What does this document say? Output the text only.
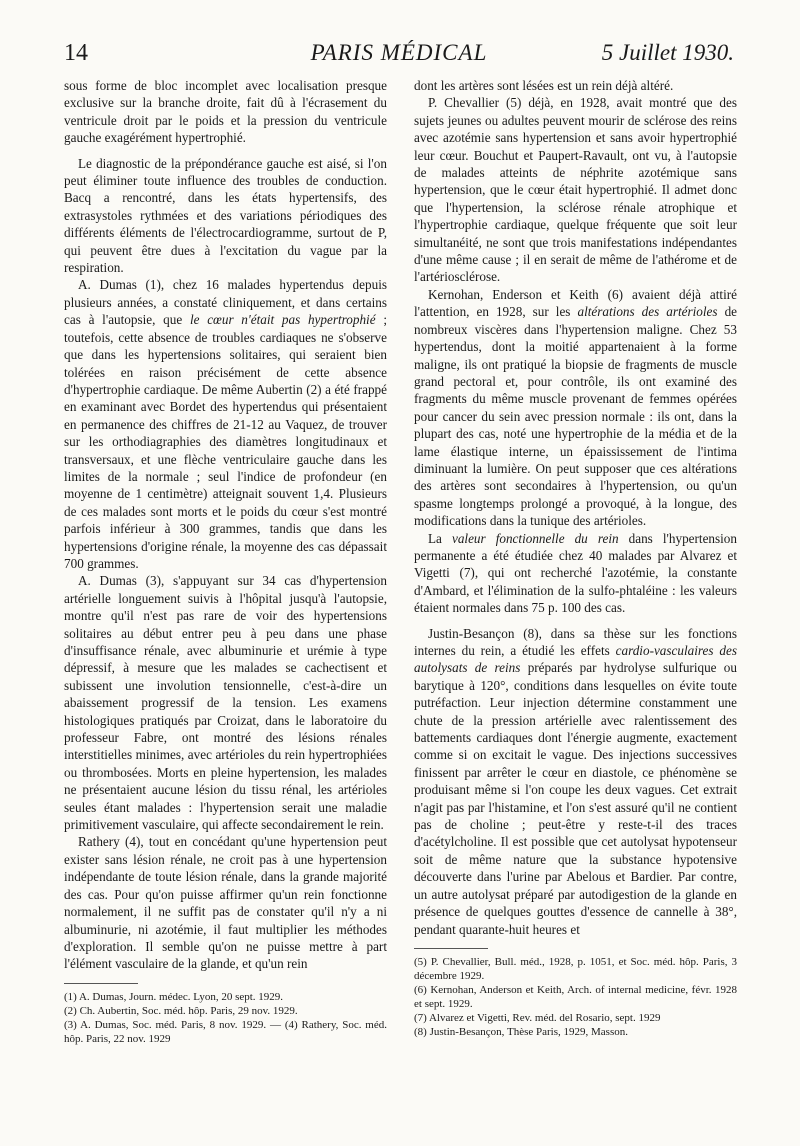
14	PARIS MÉDICAL	5 Juillet 1930.

sous forme de bloc incomplet avec localisation presque exclusive sur la branche droite, fait dû à l'écrasement du ventricule droit par le poids et la pression du ventricule gauche exagérément hypertrophié.

Le diagnostic de la prépondérance gauche est aisé, si l'on peut éliminer toute influence des troubles de conduction. Bacq a rencontré, dans les états hypertensifs, des extrasystoles rythmées et des variations périodiques des différents éléments de l'électrocardiogramme, surtout de P, qui peuvent être dues à l'excitation du vague par la respiration.

A. Dumas (1), chez 16 malades hypertendus depuis plusieurs années, a constaté cliniquement, et dans certains cas à l'autopsie, que le cœur n'était pas hypertrophié ; toutefois, cette absence de troubles cardiaques ne s'observe que dans les hypertensions solitaires, qui seraient bien tolérées en raison précisément de cette absence d'hypertrophie cardiaque. De même Aubertin (2) a été frappé en examinant avec Bordet des hypertendus qui présentaient en permanence des chiffres de 21-12 au Vaquez, de trouver sur les orthodiagraphies des diamètres longitudinaux et transversaux, et une flèche ventriculaire gauche dans les limites de la normale ; seul l'indice de profondeur (en moyenne de 1 centimètre) atteignait souvent 1,4. Plusieurs de ces malades sont morts et le poids du cœur s'est montré parfois inférieur à 300 grammes, tandis que dans les hypertensions d'origine rénale, la moyenne des cas dépassait 700 grammes.

A. Dumas (3), s'appuyant sur 34 cas d'hypertension artérielle longuement suivis à l'hôpital jusqu'à l'autopsie, montre qu'il n'est pas rare de voir des hypertensions solitaires au début entrer peu à peu dans une phase d'insuffisance rénale, avec albuminurie et urémie à type dépressif, à mesure que les malades se cachectisent et subissent une involution tensionnelle, c'est-à-dire un abaissement progressif de la tension. Les examens histologiques pratiqués par Croizat, dans le laboratoire du professeur Fabre, ont montré des lésions rénales interstitielles minimes, avec artérioles du rein hypertrophiées ou thrombosées. Morts en pleine hypertension, les malades ne présentaient aucune lésion du tissu rénal, les artérioles seules étant malades : l'hypertension serait une maladie primitivement vasculaire, qui affecte secondairement le rein.

Rathery (4), tout en concédant qu'une hypertension peut exister sans lésion rénale, ne croit pas à une hypertension indépendante de toute lésion rénale, dans la grande majorité des cas. Pour qu'on puisse affirmer qu'un rein fonctionne normalement, il ne suffit pas de constater qu'il n'y a ni albuminurie, ni azotémie, il faut multiplier les méthodes d'exploration. Il semble qu'on ne puisse mettre à part l'élément vasculaire de la glande, et qu'un rein

(1) A. Dumas, Journ. médec. Lyon, 20 sept. 1929.

(2) Ch. Aubertin, Soc. méd. hôp. Paris, 29 nov. 1929.

(3) A. Dumas, Soc. méd. Paris, 8 nov. 1929. — (4) Rathery, Soc. méd. hôp. Paris, 22 nov. 1929

dont les artères sont lésées est un rein déjà altéré.

P. Chevallier (5) déjà, en 1928, avait montré que des sujets jeunes ou adultes peuvent mourir de sclérose des reins avec azotémie sans hypertension et sans avoir hypertrophié leur cœur. Bouchut et Paupert-Ravault, ont vu, à l'autopsie de malades atteints de néphrite azotémique sans hypertension, que le cœur était hypertrophié. Il admet donc que l'hypertension, la sclérose rénale atrophique et l'hypertrophie cardiaque, quelque fréquente que soit leur simultanéité, ne sont que trois manifestations indépendantes d'une même cause ; il en serait de même de l'athérome et de l'artériosclérose.

Kernohan, Enderson et Keith (6) avaient déjà attiré l'attention, en 1928, sur les altérations des artérioles de nombreux viscères dans l'hypertension maligne. Chez 53 hypertendus, dont la moitié appartenaient à la forme maligne, ils ont pratiqué la biopsie de fragments de muscle grand pectoral et, pour contrôle, ils ont examiné des fragments du même muscle provenant de femmes opérées pour cancer du sein avec pression normale : ils ont, dans la plupart des cas, noté une hypertrophie de la média et de la lame élastique interne, un épaississement de l'intima diminuant la lumière. On peut supposer que ces altérations des artères sont secondaires à l'hypertension, ou qu'un spasme longtemps prolongé a provoqué, à la longue, des modifications dans la tunique des artérioles.

La valeur fonctionnelle du rein dans l'hypertension permanente a été étudiée chez 40 malades par Alvarez et Vigetti (7), qui ont recherché l'azotémie, la constante d'Ambard, et l'élimination de la sulfo-phtaléine : les valeurs étaient normales dans 75 p. 100 des cas.

Justin-Besançon (8), dans sa thèse sur les fonctions internes du rein, a étudié les effets cardio-vasculaires des autolysats de reins préparés par hydrolyse sulfurique ou barytique à 120°, conditions dans lesquelles on évite toute putréfaction. Leur injection détermine constamment une chute de la pression artérielle avec ralentissement des battements cardiaques dont l'énergie augmente, exactement comme si on excitait le vague. Des injections successives finissent par arrêter le cœur en diastole, ce phénomène se produisant même si l'on coupe les deux vagues. Cet extrait n'agit pas par l'histamine, et l'on s'est assuré qu'il ne contient pas de choline ; peut-être y reste-t-il des traces d'acétylcholine. Il est possible que cet autolysat hypotenseur soit de même nature que la substance hypotensive découverte dans l'urine par Abelous et Bardier. Par contre, un autre autolysat préparé par autodigestion de la glande en présence de quelques gouttes d'essence de cannelle à 38°, pendant quarante-huit heures et

(5) P. Chevallier, Bull. méd., 1928, p. 1051, et Soc. méd. hôp. Paris, 3 décembre 1929.

(6) Kernohan, Anderson et Keith, Arch. of internal medicine, févr. 1928 et sept. 1929.

(7) Alvarez et Vigetti, Rev. méd. del Rosario, sept. 1929

(8) Justin-Besançon, Thèse Paris, 1929, Masson.
